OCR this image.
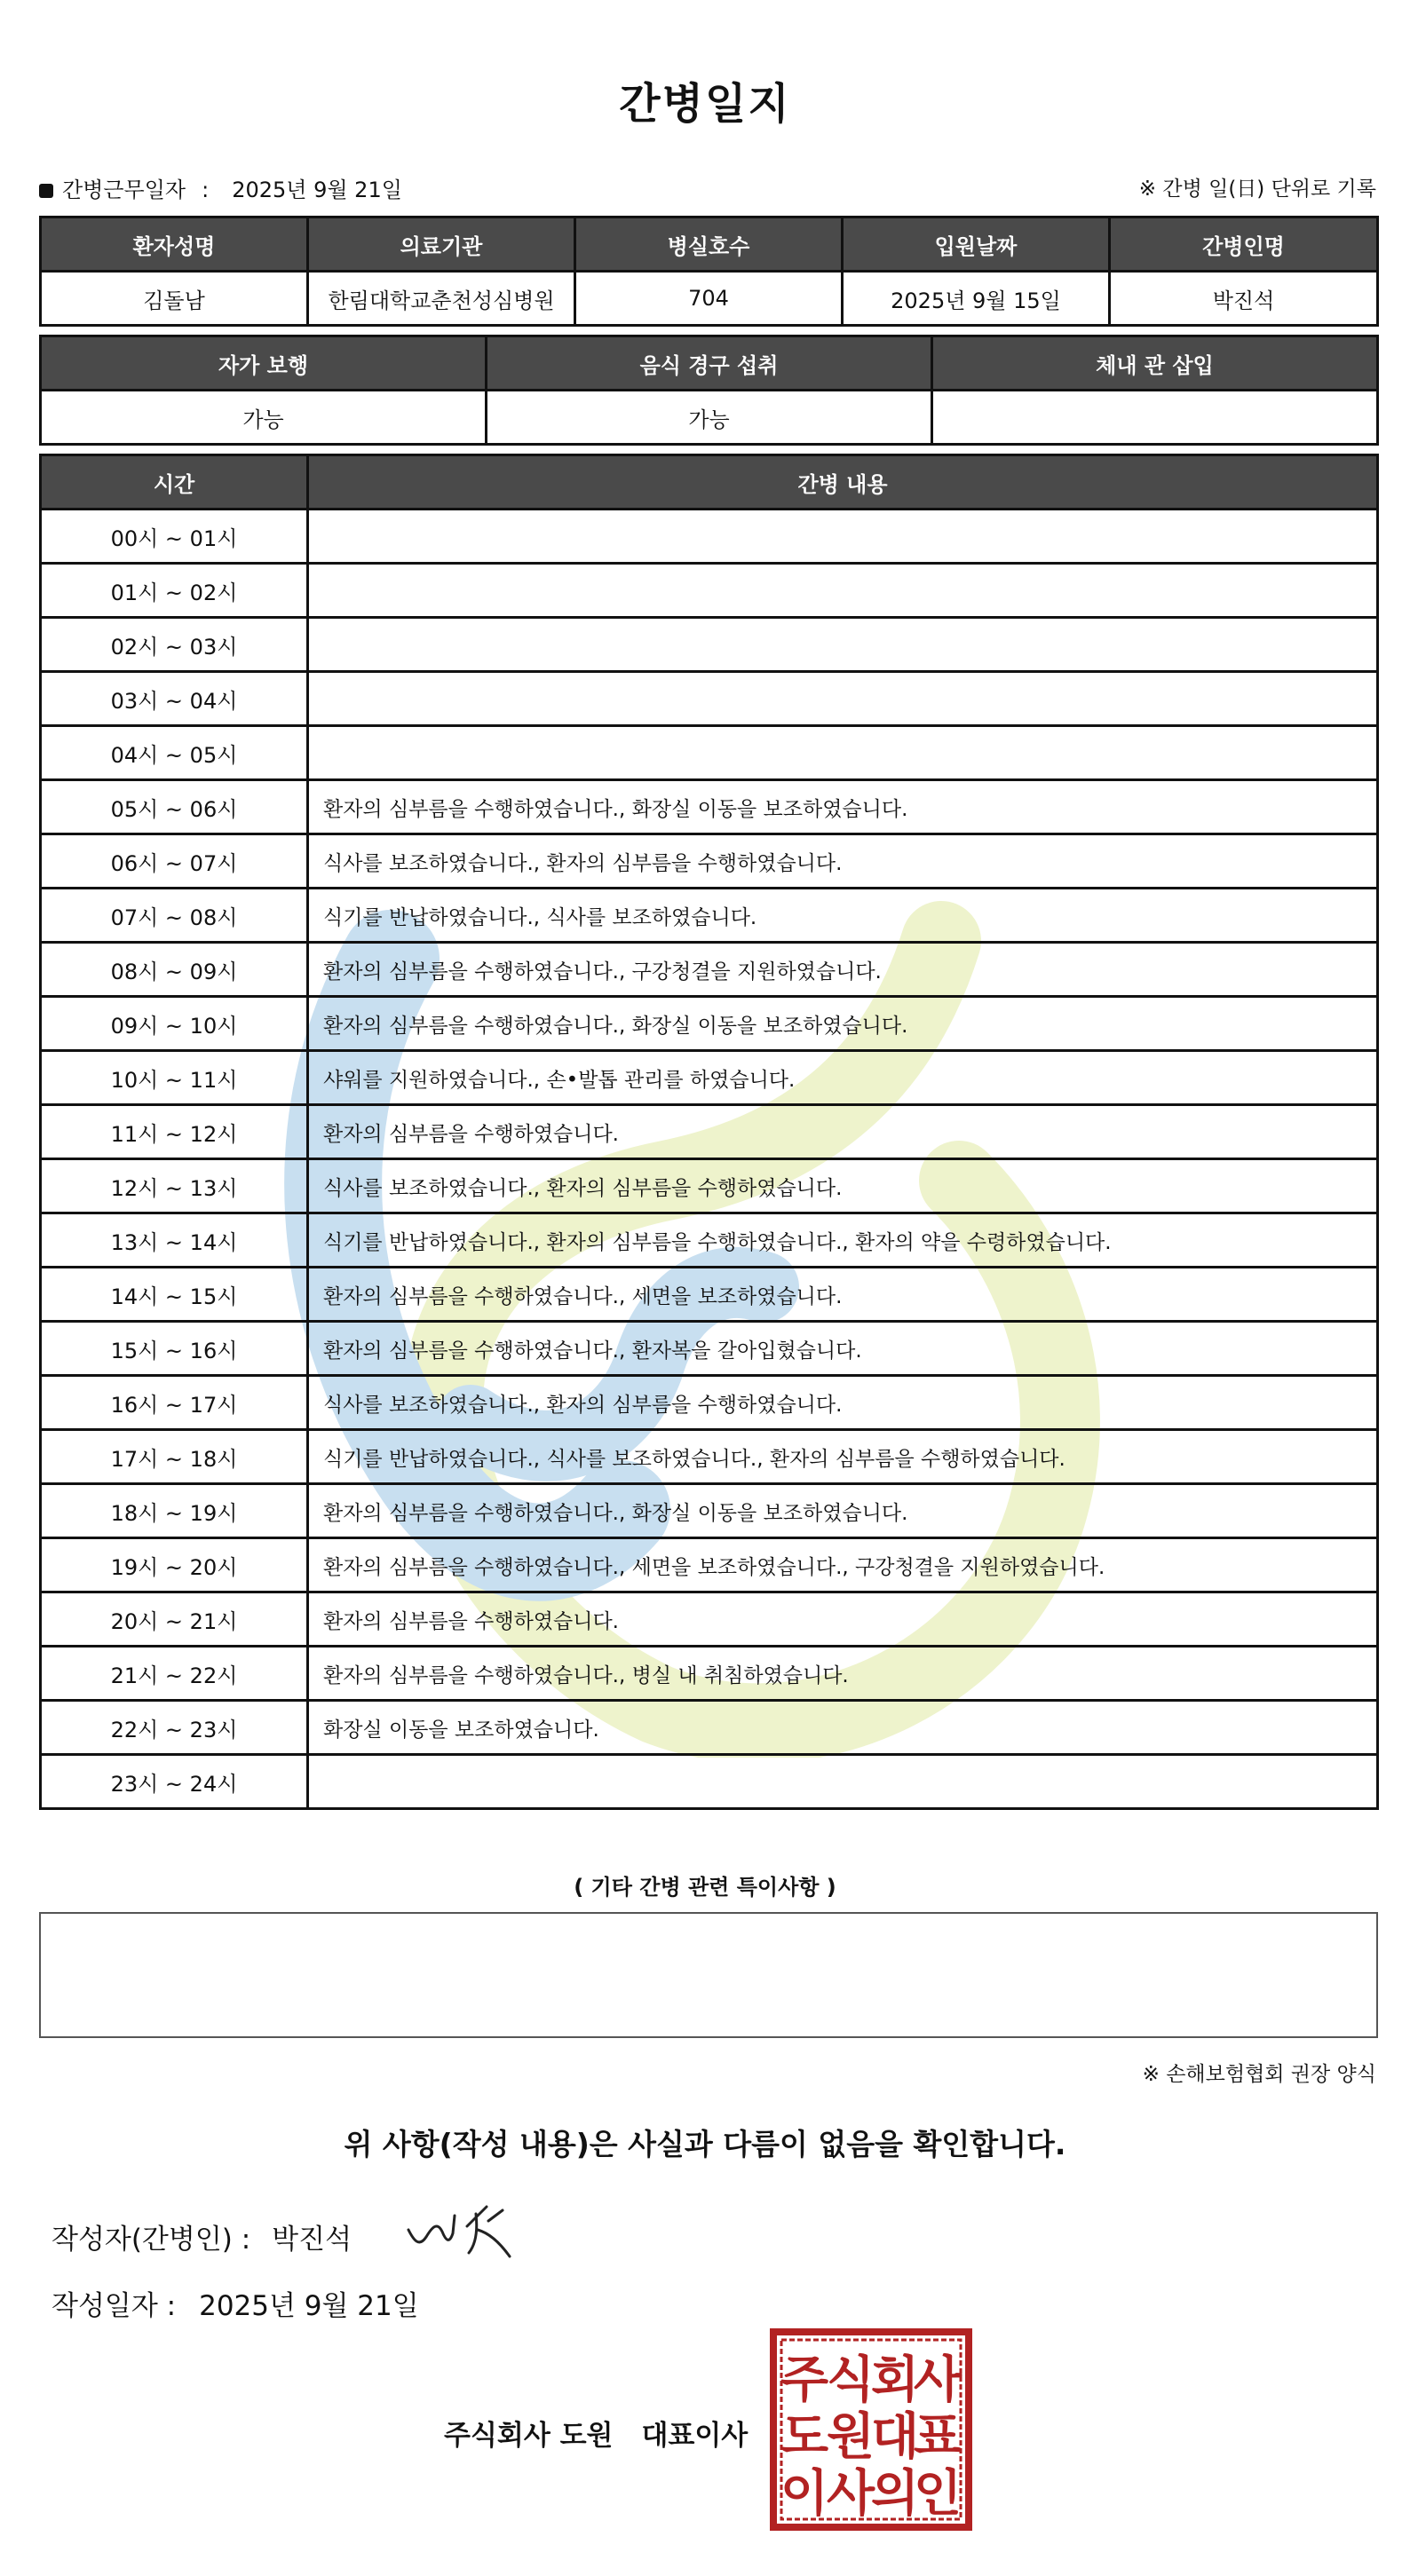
간병일지
간병근무일자 : 2025년 9월 21일	※ 간병 일(日) 단위로 기록
환자성명	의료기관	병실호수	입원날짜	간병인명
김돌남	한림대학교춘천성심병원	704	2025년 9월 15일	박진석
자가 보행	음식 경구 섭취	체내 관 삽입
가능	가능	
시간	간병 내용
00시 ~ 01시	
01시 ~ 02시	
02시 ~ 03시	
03시 ~ 04시	
04시 ~ 05시	
05시 ~ 06시	환자의 심부름을 수행하였습니다., 화장실 이동을 보조하였습니다.
06시 ~ 07시	식사를 보조하였습니다., 환자의 심부름을 수행하였습니다.
07시 ~ 08시	식기를 반납하였습니다., 식사를 보조하였습니다.
08시 ~ 09시	환자의 심부름을 수행하였습니다., 구강청결을 지원하였습니다.
09시 ~ 10시	환자의 심부름을 수행하였습니다., 화장실 이동을 보조하였습니다.
10시 ~ 11시	샤워를 지원하였습니다., 손•발톱 관리를 하였습니다.
11시 ~ 12시	환자의 심부름을 수행하였습니다.
12시 ~ 13시	식사를 보조하였습니다., 환자의 심부름을 수행하였습니다.
13시 ~ 14시	식기를 반납하였습니다., 환자의 심부름을 수행하였습니다., 환자의 약을 수령하였습니다.
14시 ~ 15시	환자의 심부름을 수행하였습니다., 세면을 보조하였습니다.
15시 ~ 16시	환자의 심부름을 수행하였습니다., 환자복을 갈아입혔습니다.
16시 ~ 17시	식사를 보조하였습니다., 환자의 심부름을 수행하였습니다.
17시 ~ 18시	식기를 반납하였습니다., 식사를 보조하였습니다., 환자의 심부름을 수행하였습니다.
18시 ~ 19시	환자의 심부름을 수행하였습니다., 화장실 이동을 보조하였습니다.
19시 ~ 20시	환자의 심부름을 수행하였습니다., 세면을 보조하였습니다., 구강청결을 지원하였습니다.
20시 ~ 21시	환자의 심부름을 수행하였습니다.
21시 ~ 22시	환자의 심부름을 수행하였습니다., 병실 내 취침하였습니다.
22시 ~ 23시	화장실 이동을 보조하였습니다.
23시 ~ 24시	
( 기타 간병 관련 특이사항 )
※ 손해보험협회 권장 양식
위 사항(작성 내용)은 사실과 다름이 없음을 확인합니다.
작성자(간병인) : 박진석
작성일자 : 2025년 9월 21일
주식회사 도원 대표이사
주
식
회
사
도
원
대
표
이
사
의
인
